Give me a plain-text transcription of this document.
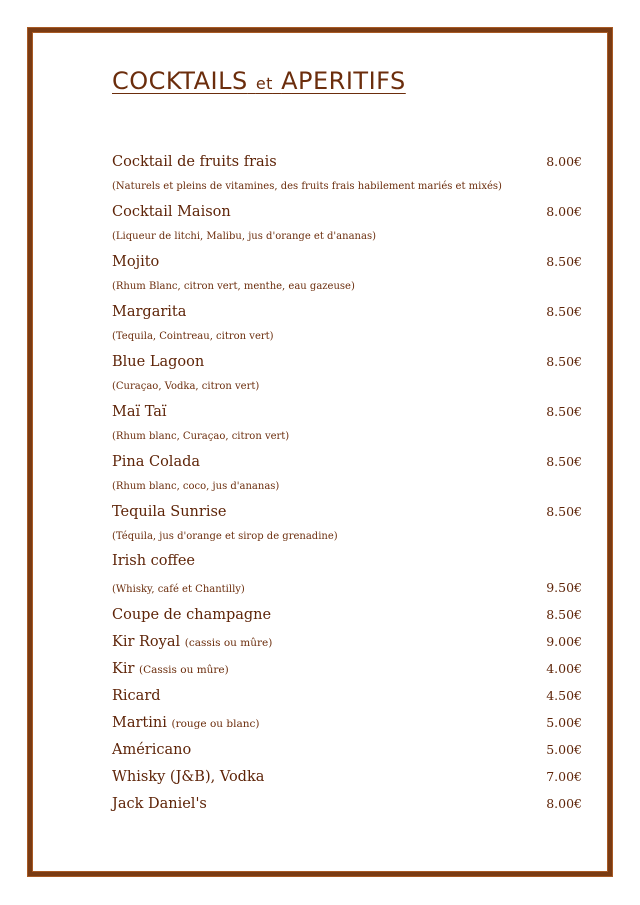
COCKTAILS et APERITIFS
Cocktail de fruits frais	8.00€
(Naturels et pleins de vitamines, des fruits frais habilement mariés et mixés)
Cocktail Maison	8.00€
(Liqueur de litchi, Malibu, jus d'orange et d'ananas)
Mojito	8.50€
(Rhum Blanc, citron vert, menthe, eau gazeuse)
Margarita	8.50€
(Tequila, Cointreau, citron vert)
Blue Lagoon	8.50€
(Curaçao, Vodka, citron vert)
Maï Taï	8.50€
(Rhum blanc, Curaçao, citron vert)
Pina Colada	8.50€
(Rhum blanc, coco, jus d'ananas)
Tequila Sunrise	8.50€
(Téquila, jus d'orange et sirop de grenadine)
Irish coffee
(Whisky, café et Chantilly)	9.50€
Coupe de champagne	8.50€
Kir Royal (cassis ou mûre)	9.00€
Kir (Cassis ou mûre)	4.00€
Ricard	4.50€
Martini (rouge ou blanc)	5.00€
Américano	5.00€
Whisky (J&B), Vodka	7.00€
Jack Daniel's	8.00€
